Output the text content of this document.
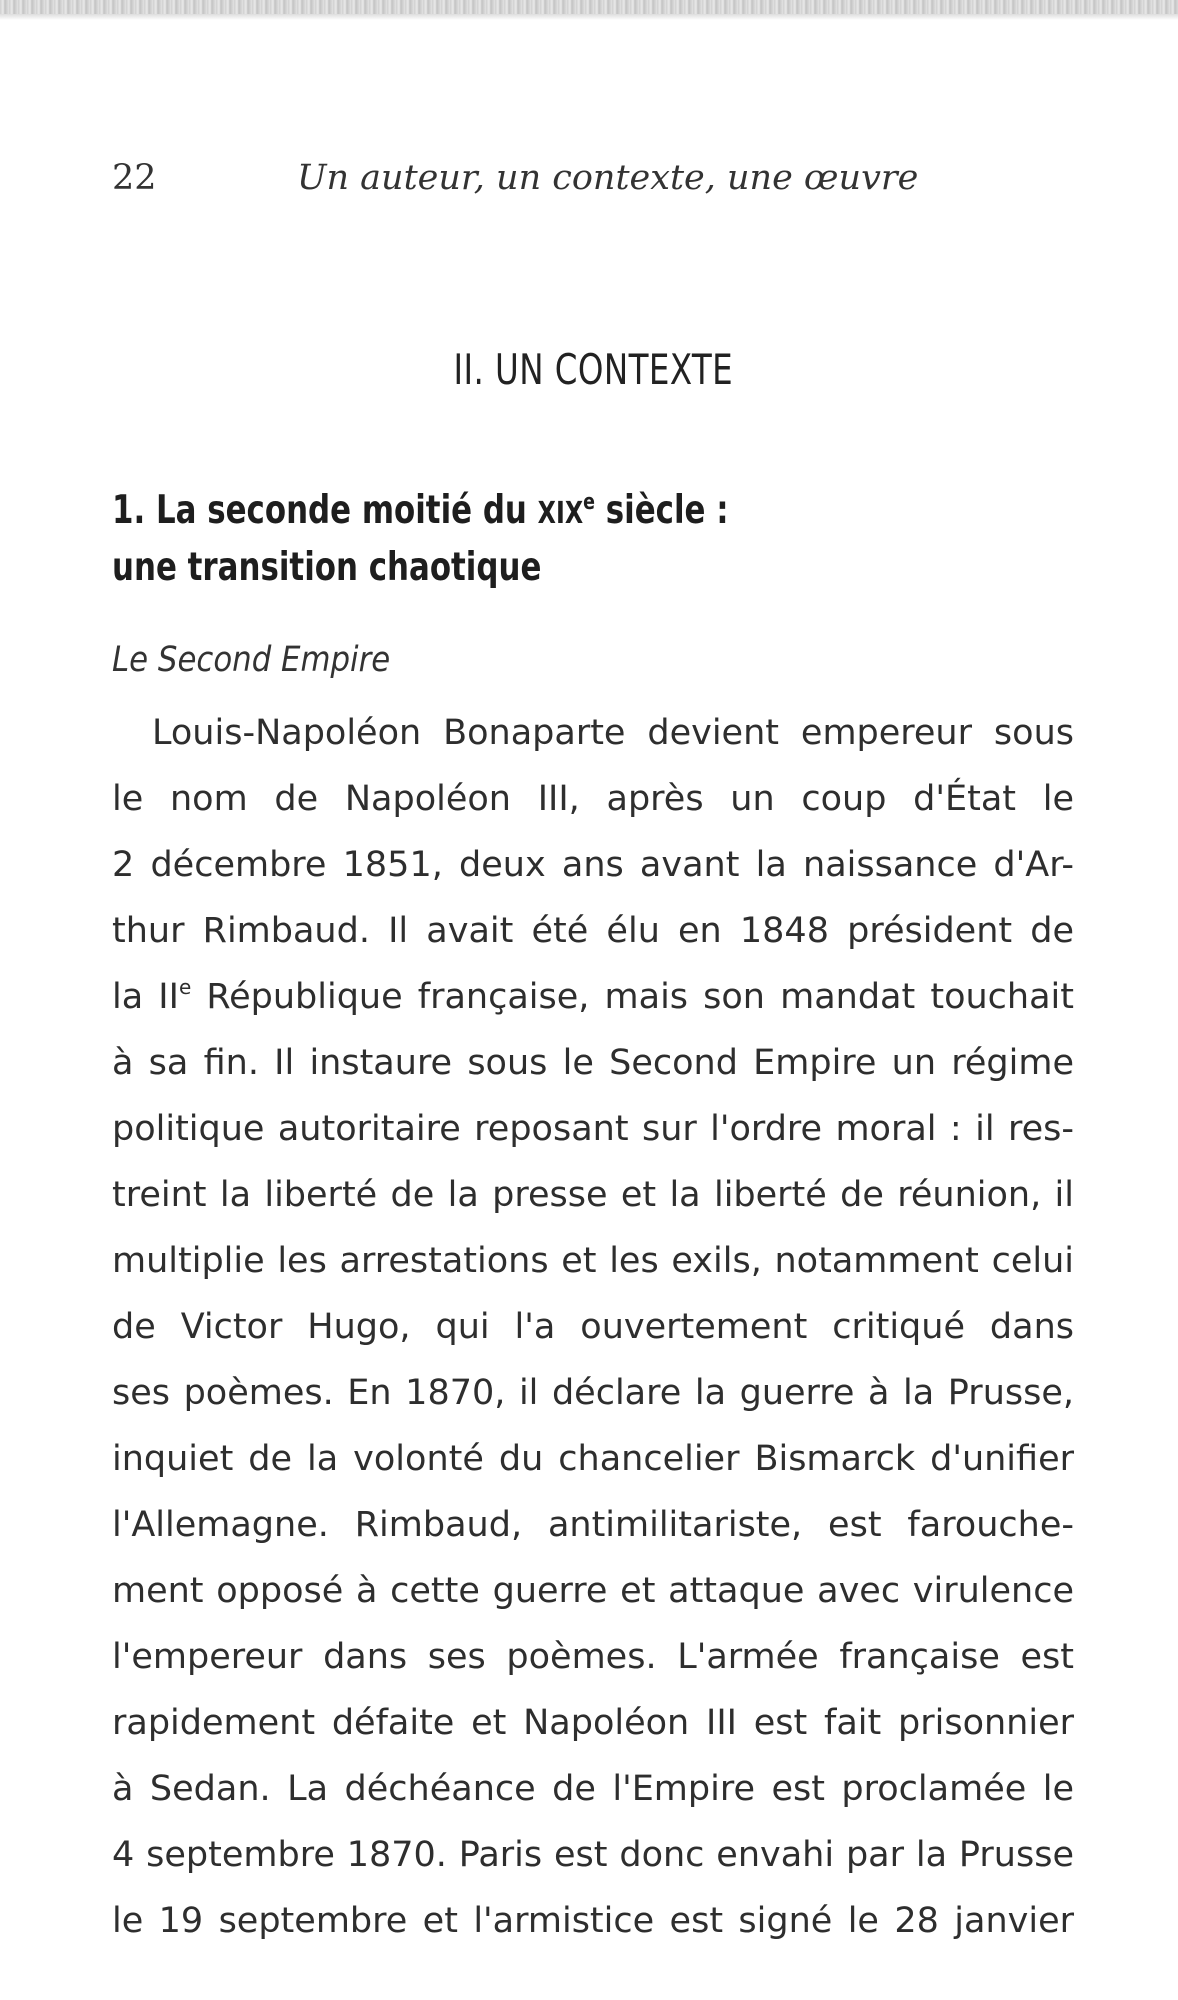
22	Un auteur, un contexte, une œuvre
II. UN CONTEXTE
1. La seconde moitié du XIXe siècle :
une transition chaotique
Le Second Empire
Louis-Napoléon Bonaparte devient empereur sous
le nom de Napoléon III, après un coup d'État le
2 décembre 1851, deux ans avant la naissance d'Ar-
thur Rimbaud. Il avait été élu en 1848 président de
la IIe République française, mais son mandat touchait
à sa fin. Il instaure sous le Second Empire un régime
politique autoritaire reposant sur l'ordre moral : il res-
treint la liberté de la presse et la liberté de réunion, il
multiplie les arrestations et les exils, notamment celui
de Victor Hugo, qui l'a ouvertement critiqué dans
ses poèmes. En 1870, il déclare la guerre à la Prusse,
inquiet de la volonté du chancelier Bismarck d'unifier
l'Allemagne. Rimbaud, antimilitariste, est farouche-
ment opposé à cette guerre et attaque avec virulence
l'empereur dans ses poèmes. L'armée française est
rapidement défaite et Napoléon III est fait prisonnier
à Sedan. La déchéance de l'Empire est proclamée le
4 septembre 1870. Paris est donc envahi par la Prusse
le 19 septembre et l'armistice est signé le 28 janvier
